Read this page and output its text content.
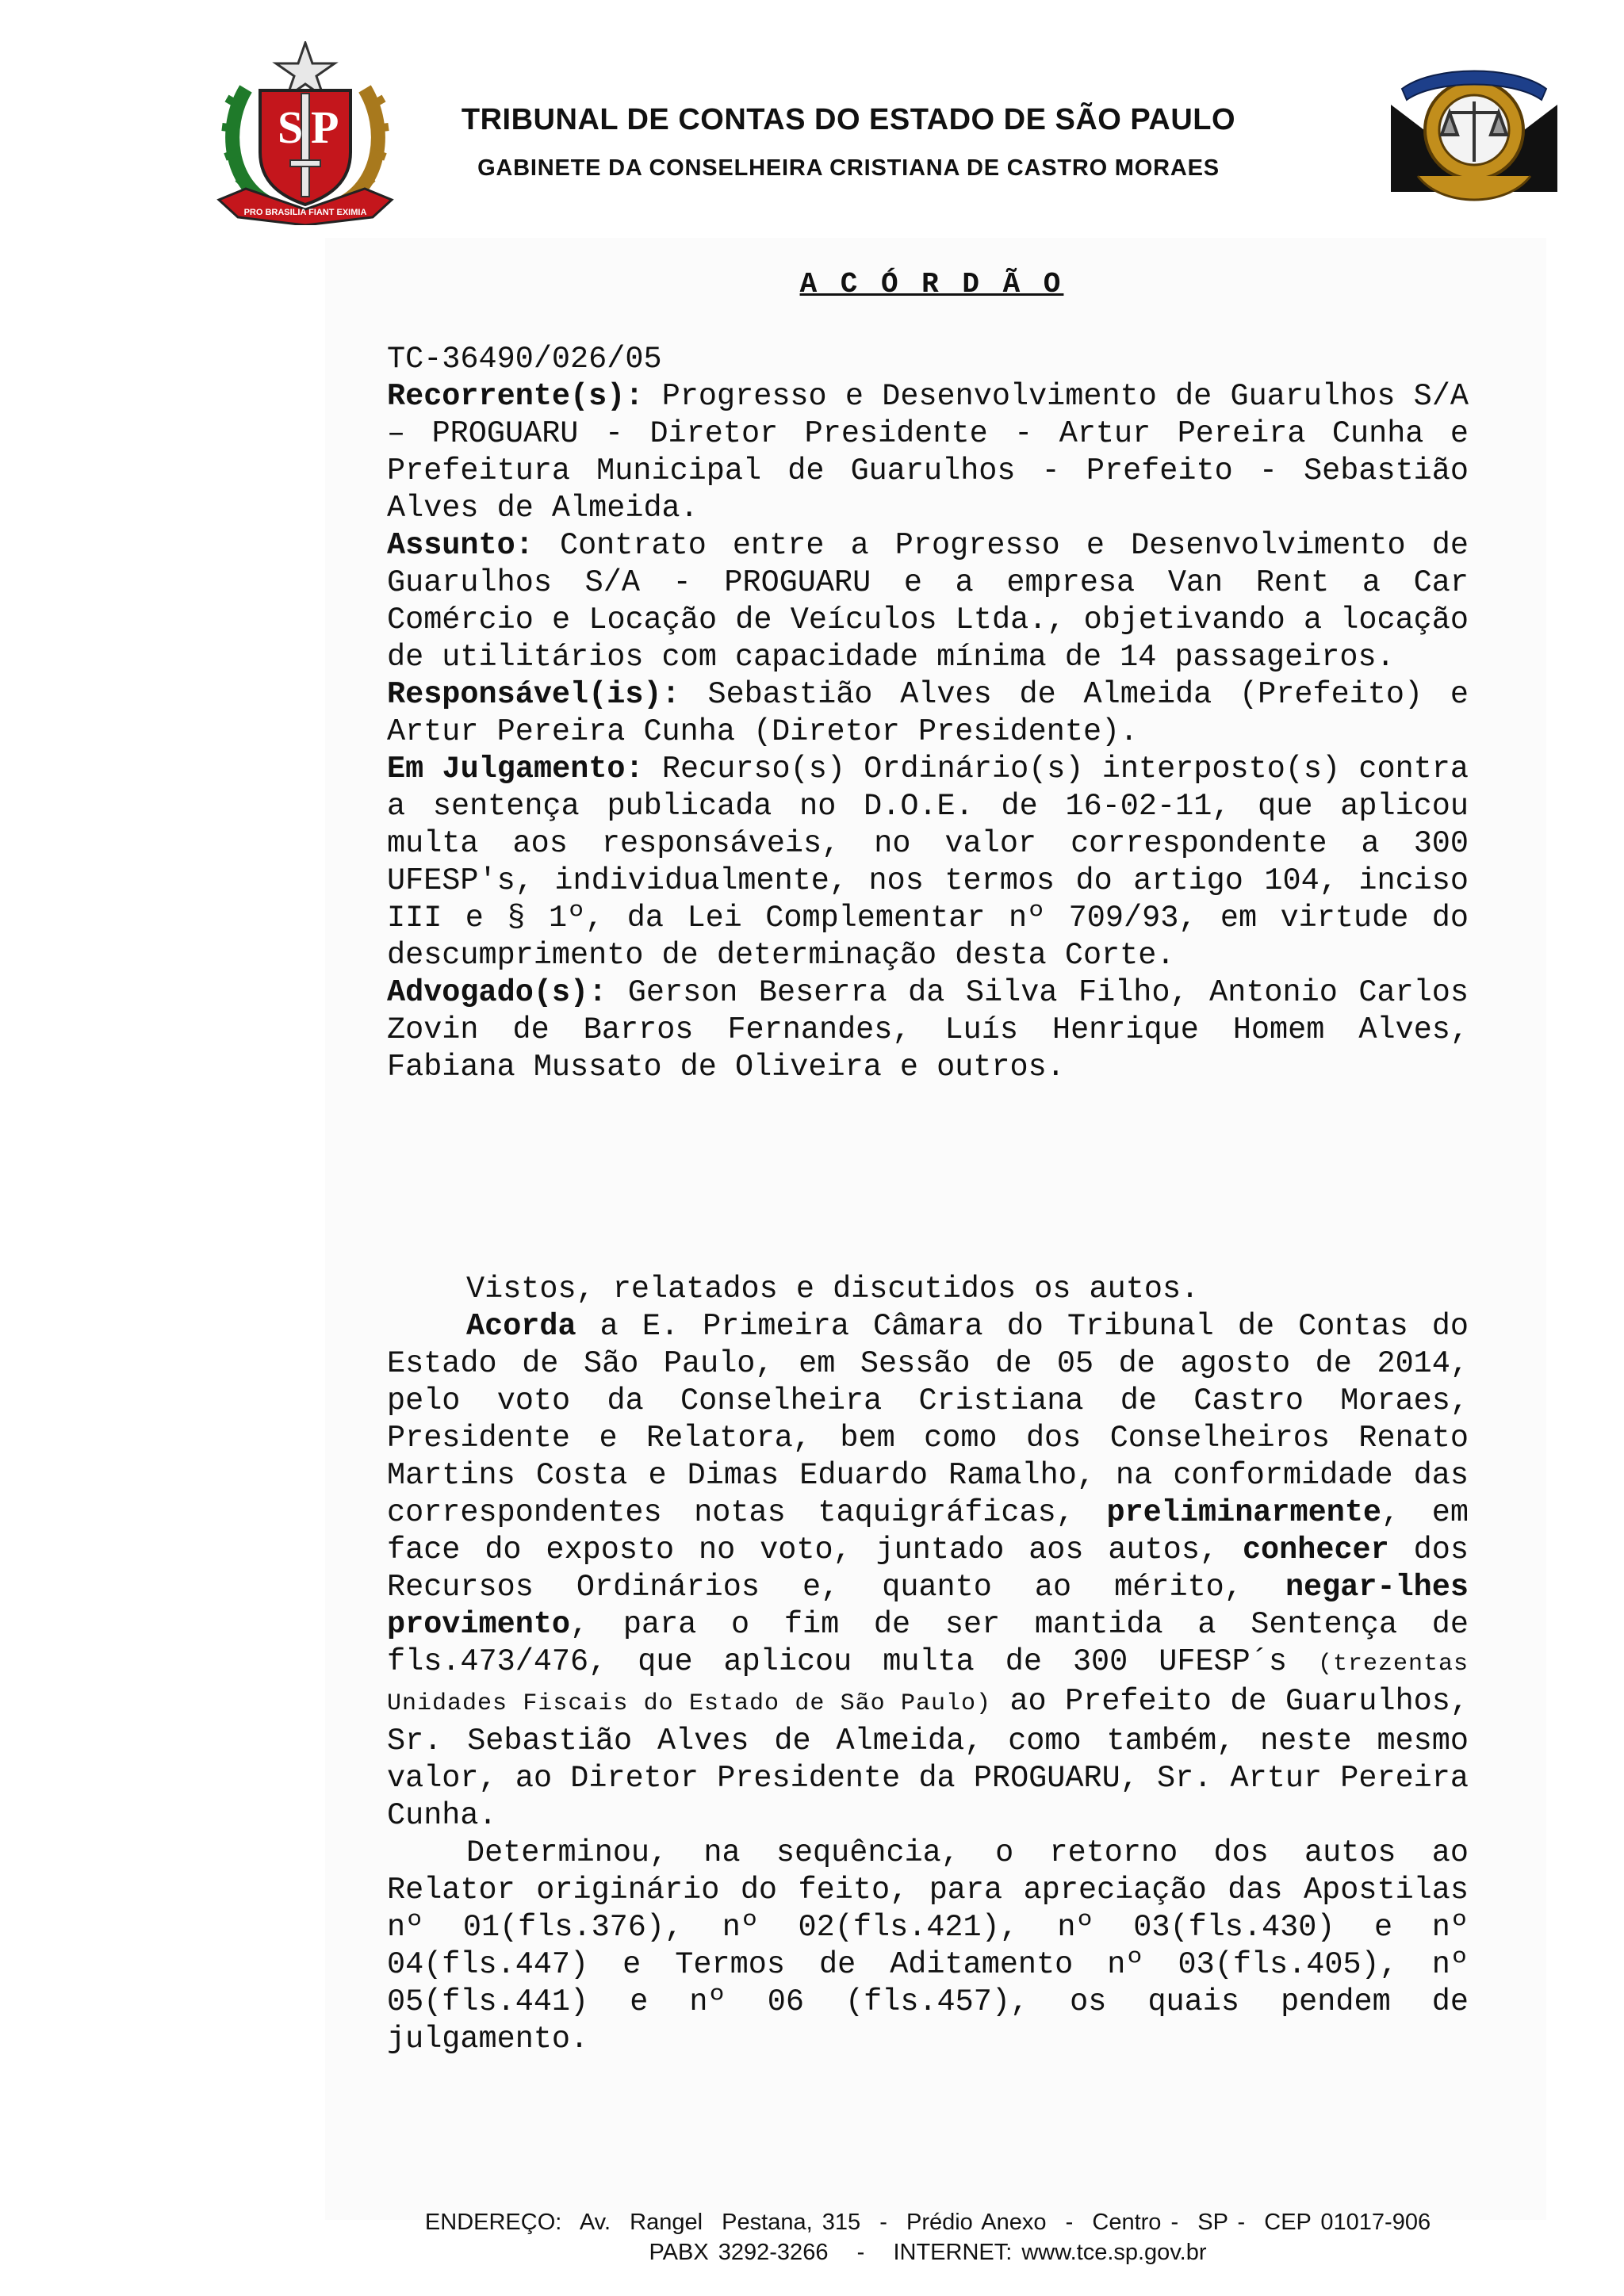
S P
PRO BRASILIA FIANT EXIMIA
TRIBUNAL DE CONTAS DO ESTADO DE SÃO PAULO
GABINETE DA CONSELHEIRA CRISTIANA DE CASTRO MORAES
A C Ó R D Ã O

TC-36490/026/05

Recorrente(s): Progresso e Desenvolvimento de Guarulhos S/A – PROGUARU - Diretor Presidente - Artur Pereira Cunha e Prefeitura Municipal de Guarulhos - Prefeito - Sebastião Alves de Almeida.

Assunto: Contrato entre a Progresso e Desenvolvimento de Guarulhos S/A - PROGUARU e a empresa Van Rent a Car Comércio e Locação de Veículos Ltda., objetivando a locação de utilitários com capacidade mínima de 14 passageiros.

Responsável(is): Sebastião Alves de Almeida (Prefeito) e Artur Pereira Cunha (Diretor Presidente).

Em Julgamento: Recurso(s) Ordinário(s) interposto(s) contra a sentença publicada no D.O.E. de 16-02-11, que aplicou multa aos responsáveis, no valor correspondente a 300 UFESP's, individualmente, nos termos do artigo 104, inciso III e § 1º, da Lei Complementar nº 709/93, em virtude do descumprimento de determinação desta Corte.

Advogado(s): Gerson Beserra da Silva Filho, Antonio Carlos Zovin de Barros Fernandes, Luís Henrique Homem Alves, Fabiana Mussato de Oliveira e outros.

Vistos, relatados e discutidos os autos.

Acorda a E. Primeira Câmara do Tribunal de Contas do Estado de São Paulo, em Sessão de 05 de agosto de 2014, pelo voto da Conselheira Cristiana de Castro Moraes, Presidente e Relatora, bem como dos Conselheiros Renato Martins Costa e Dimas Eduardo Ramalho, na conformidade das correspondentes notas taquigráficas, preliminarmente, em face do exposto no voto, juntado aos autos, conhecer dos Recursos Ordinários e, quanto ao mérito, negar-lhes provimento, para o fim de ser mantida a Sentença de fls.473/476, que aplicou multa de 300 UFESP´s (trezentas Unidades Fiscais do Estado de São Paulo) ao Prefeito de Guarulhos, Sr. Sebastião Alves de Almeida, como também, neste mesmo valor, ao Diretor Presidente da PROGUARU, Sr. Artur Pereira Cunha.

Determinou, na sequência, o retorno dos autos ao Relator originário do feito, para apreciação das Apostilas nº 01(fls.376), nº 02(fls.421), nº 03(fls.430) e nº 04(fls.447) e Termos de Aditamento nº 03(fls.405), nº 05(fls.441) e nº 06 (fls.457), os quais pendem de julgamento.

ENDEREÇO:  Av.  Rangel  Pestana, 315  -  Prédio Anexo  -  Centro -  SP -  CEP 01017-906

PABX 3292-3266   -   INTERNET: www.tce.sp.gov.br
